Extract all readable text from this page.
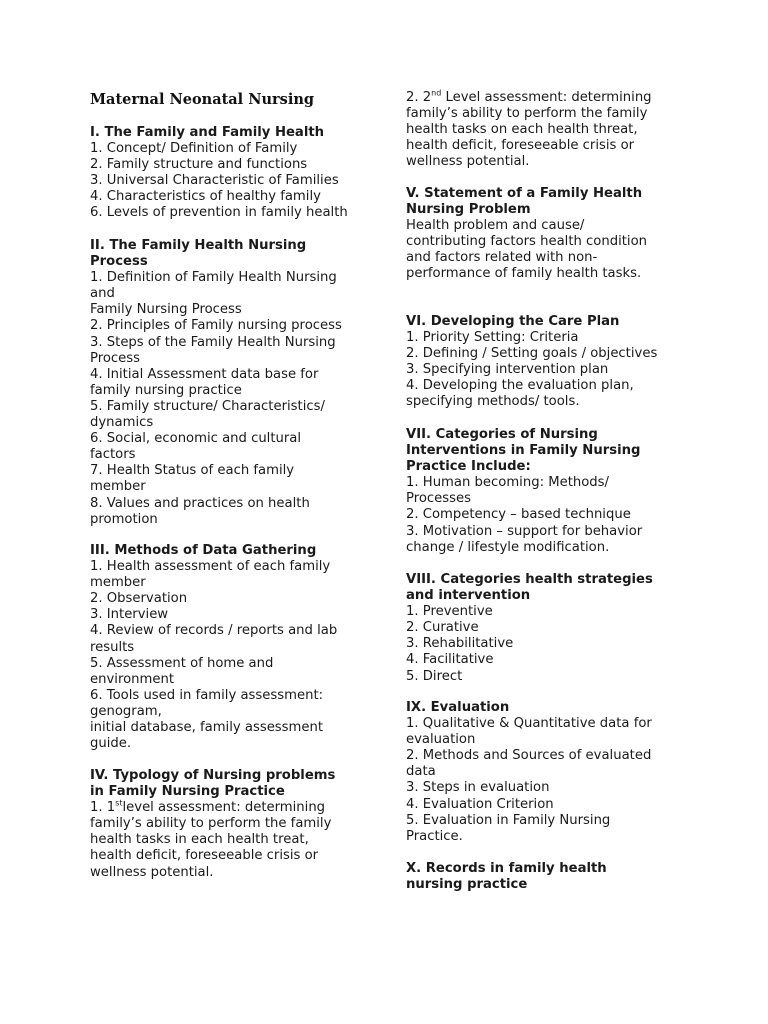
Maternal Neonatal Nursing

I. The Family and Family Health

1. Concept/ Definition of Family

2. Family structure and functions

3. Universal Characteristic of Families

4. Characteristics of healthy family

6. Levels of prevention in family health

II. The Family Health Nursing
Process

1. Definition of Family Health Nursing
and
Family Nursing Process

2. Principles of Family nursing process

3. Steps of the Family Health Nursing
Process

4. Initial Assessment data base for
family nursing practice

5. Family structure/ Characteristics/
dynamics

6. Social, economic and cultural
factors

7. Health Status of each family
member

8. Values and practices on health
promotion

III. Methods of Data Gathering

1. Health assessment of each family
member

2. Observation

3. Interview

4. Review of records / reports and lab
results

5. Assessment of home and
environment

6. Tools used in family assessment:
genogram,
initial database, family assessment
guide.

IV. Typology of Nursing problems
in Family Nursing Practice

1. 1stlevel assessment: determining
family’s ability to perform the family
health tasks in each health treat,
health deficit, foreseeable crisis or
wellness potential.

2. 2nd Level assessment: determining
family’s ability to perform the family
health tasks on each health threat,
health deficit, foreseeable crisis or
wellness potential.

V. Statement of a Family Health
Nursing Problem

Health problem and cause/
contributing factors health condition
and factors related with non-
performance of family health tasks.

VI. Developing the Care Plan

1. Priority Setting: Criteria

2. Defining / Setting goals / objectives

3. Specifying intervention plan

4. Developing the evaluation plan,
specifying methods/ tools.

VII. Categories of Nursing
Interventions in Family Nursing
Practice Include:

1. Human becoming: Methods/
Processes

2. Competency – based technique

3. Motivation – support for behavior
change / lifestyle modification.

VIII. Categories health strategies
and intervention

1. Preventive

2. Curative

3. Rehabilitative

4. Facilitative

5. Direct

IX. Evaluation

1. Qualitative & Quantitative data for
evaluation

2. Methods and Sources of evaluated
data

3. Steps in evaluation

4. Evaluation Criterion

5. Evaluation in Family Nursing
Practice.

X. Records in family health
nursing practice
